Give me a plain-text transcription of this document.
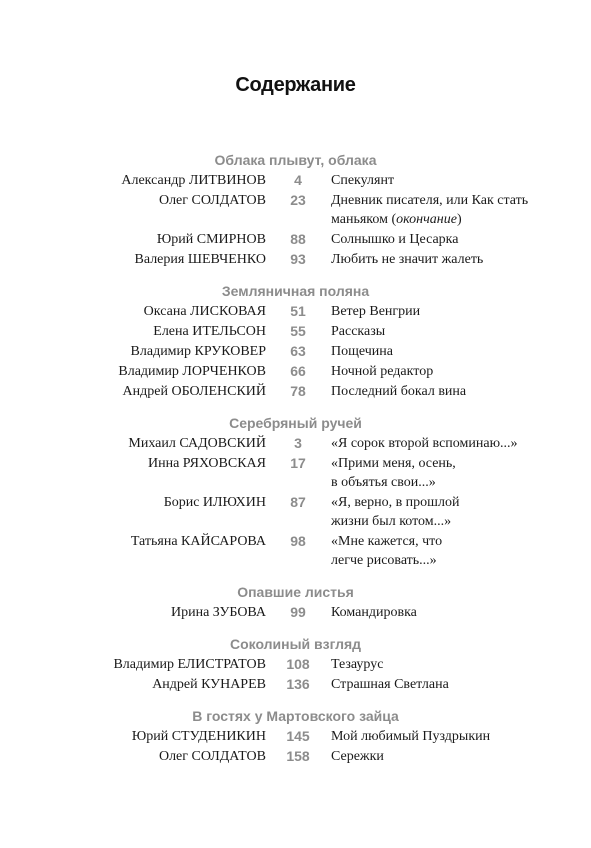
Содержание
Облака плывут, облака
Александр ЛИТВИНОВ	4	Спекулянт
Олег СОЛДАТОВ	23	Дневник писателя, или Как стать
маньяком (окончание)
Юрий СМИРНОВ	88	Солнышко и Цесарка
Валерия ШЕВЧЕНКО	93	Любить не значит жалеть
Земляничная поляна
Оксана ЛИСКОВАЯ	51	Ветер Венгрии
Елена ИТЕЛЬСОН	55	Рассказы
Владимир КРУКОВЕР	63	Пощечина
Владимир ЛОРЧЕНКОВ	66	Ночной редактор
Андрей ОБОЛЕНСКИЙ	78	Последний бокал вина
Серебряный ручей
Михаил САДОВСКИЙ	3	«Я сорок второй вспоминаю...»
Инна РЯХОВСКАЯ	17	«Прими меня, осень,
в объятья свои...»
Борис ИЛЮХИН	87	«Я, верно, в прошлой
жизни был котом...»
Татьяна КАЙСАРОВА	98	«Мне кажется, что
легче рисовать...»
Опавшие листья
Ирина ЗУБОВА	99	Командировка
Соколиный взгляд
Владимир ЕЛИСТРАТОВ 108 Тезаурус
Андрей КУНАРЕВ 136 Страшная Светлана
В гостях у Мартовского зайца
Юрий СТУДЕНИКИН 145 Мой любимый Пуздрыкин
Олег СОЛДАТОВ 158 Сережки
